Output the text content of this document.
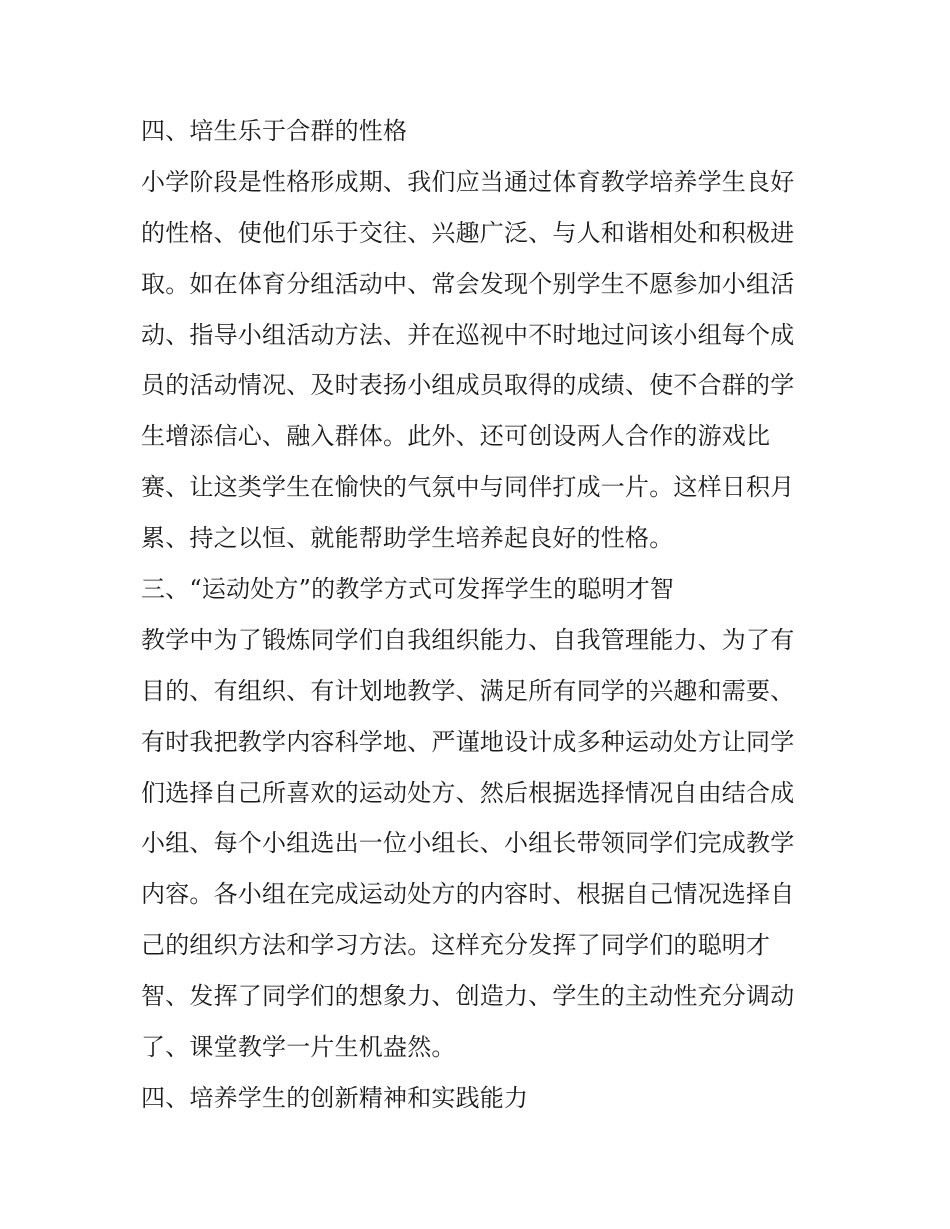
四、培生乐于合群的性格
小学阶段是性格形成期、我们应当通过体育教学培养学生良好
的性格、使他们乐于交往、兴趣广泛、与人和谐相处和积极进
取。如在体育分组活动中、常会发现个别学生不愿参加小组活
动、指导小组活动方法、并在巡视中不时地过问该小组每个成
员的活动情况、及时表扬小组成员取得的成绩、使不合群的学
生增添信心、融入群体。此外、还可创设两人合作的游戏比
赛、让这类学生在愉快的气氛中与同伴打成一片。这样日积月
累、持之以恒、就能帮助学生培养起良好的性格。
三、“运动处方”的教学方式可发挥学生的聪明才智
教学中为了锻炼同学们自我组织能力、自我管理能力、为了有
目的、有组织、有计划地教学、满足所有同学的兴趣和需要、
有时我把教学内容科学地、严谨地设计成多种运动处方让同学
们选择自己所喜欢的运动处方、然后根据选择情况自由结合成
小组、每个小组选出一位小组长、小组长带领同学们完成教学
内容。各小组在完成运动处方的内容时、根据自己情况选择自
己的组织方法和学习方法。这样充分发挥了同学们的聪明才
智、发挥了同学们的想象力、创造力、学生的主动性充分调动
了、课堂教学一片生机盎然。
四、培养学生的创新精神和实践能力
